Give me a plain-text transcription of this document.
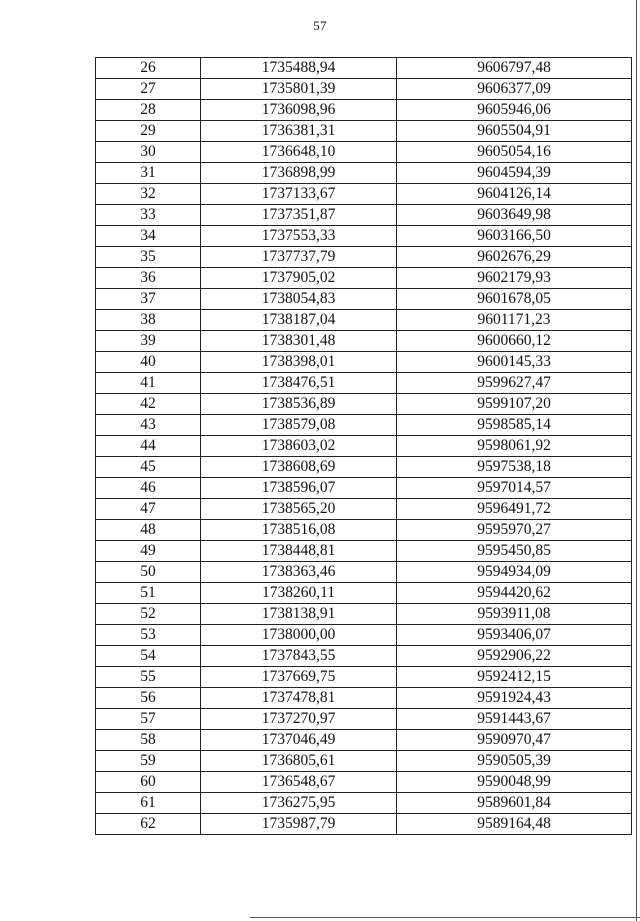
57
26	1735488,94	9606797,48
27	1735801,39	9606377,09
28	1736098,96	9605946,06
29	1736381,31	9605504,91
30	1736648,10	9605054,16
31	1736898,99	9604594,39
32	1737133,67	9604126,14
33	1737351,87	9603649,98
34	1737553,33	9603166,50
35	1737737,79	9602676,29
36	1737905,02	9602179,93
37	1738054,83	9601678,05
38	1738187,04	9601171,23
39	1738301,48	9600660,12
40	1738398,01	9600145,33
41	1738476,51	9599627,47
42	1738536,89	9599107,20
43	1738579,08	9598585,14
44	1738603,02	9598061,92
45	1738608,69	9597538,18
46	1738596,07	9597014,57
47	1738565,20	9596491,72
48	1738516,08	9595970,27
49	1738448,81	9595450,85
50	1738363,46	9594934,09
51	1738260,11	9594420,62
52	1738138,91	9593911,08
53	1738000,00	9593406,07
54	1737843,55	9592906,22
55	1737669,75	9592412,15
56	1737478,81	9591924,43
57	1737270,97	9591443,67
58	1737046,49	9590970,47
59	1736805,61	9590505,39
60	1736548,67	9590048,99
61	1736275,95	9589601,84
62	1735987,79	9589164,48
